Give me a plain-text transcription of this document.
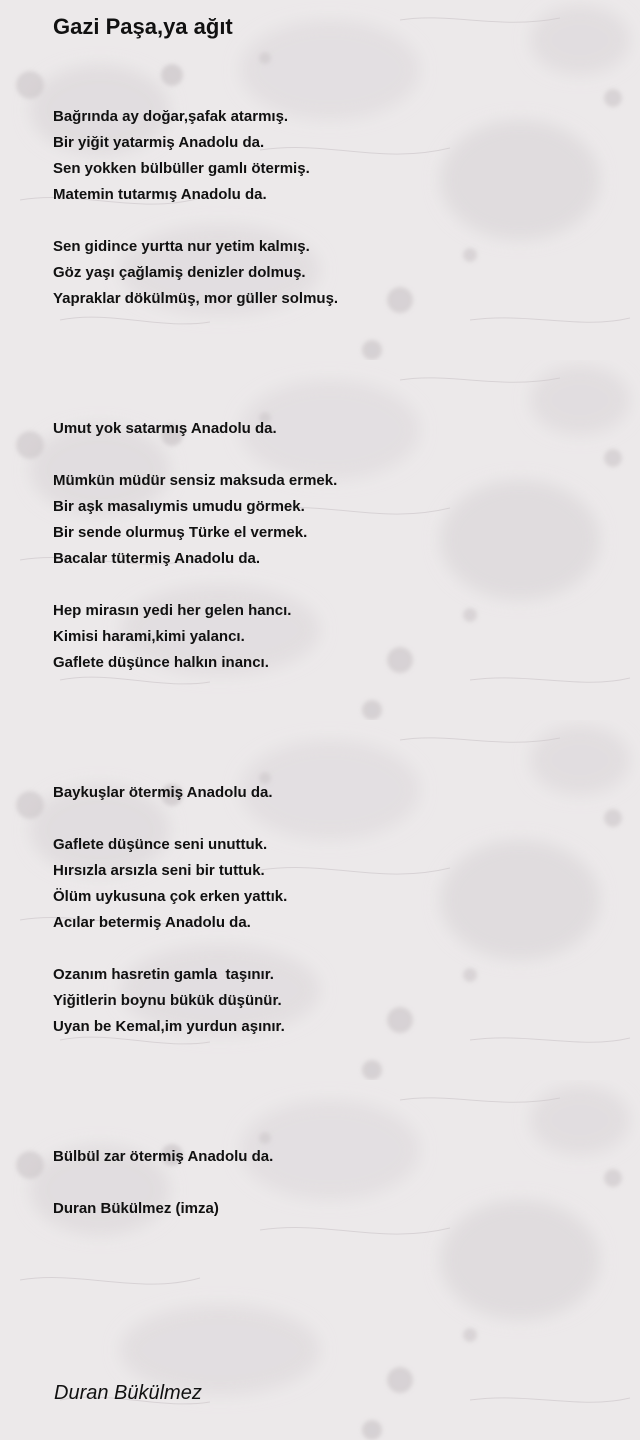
Gazi Paşa,ya ağıt
Bağrında ay doğar,şafak atarmış.
Bir yiğit yatarmiş Anadolu da.
Sen yokken bülbüller gamlı ötermiş.
Matemin tutarmış Anadolu da.
Sen gidince yurtta nur yetim kalmış.
Göz yaşı çağlamiş denizler dolmuş.
Yapraklar dökülmüş, mor güller solmuş.
Umut yok satarmış Anadolu da.
Mümkün müdür sensiz maksuda ermek.
Bir aşk masalıymis umudu görmek.
Bir sende olurmuş Türke el vermek.
Bacalar tütermiş Anadolu da.
Hep mirasın yedi her gelen hancı.
Kimisi harami,kimi yalancı.
Gaflete düşünce halkın inancı.
Baykuşlar ötermiş Anadolu da.
Gaflete düşünce seni unuttuk.
Hırsızla arsızla seni bir tuttuk.
Ölüm uykusuna çok erken yattık.
Acılar betermiş Anadolu da.
Ozanım hasretin gamla  taşınır.
Yiğitlerin boynu bükük düşünür.
Uyan be Kemal,im yurdun aşınır.
Bülbül zar ötermiş Anadolu da.
Duran Bükülmez (imza)
Duran Bükülmez
